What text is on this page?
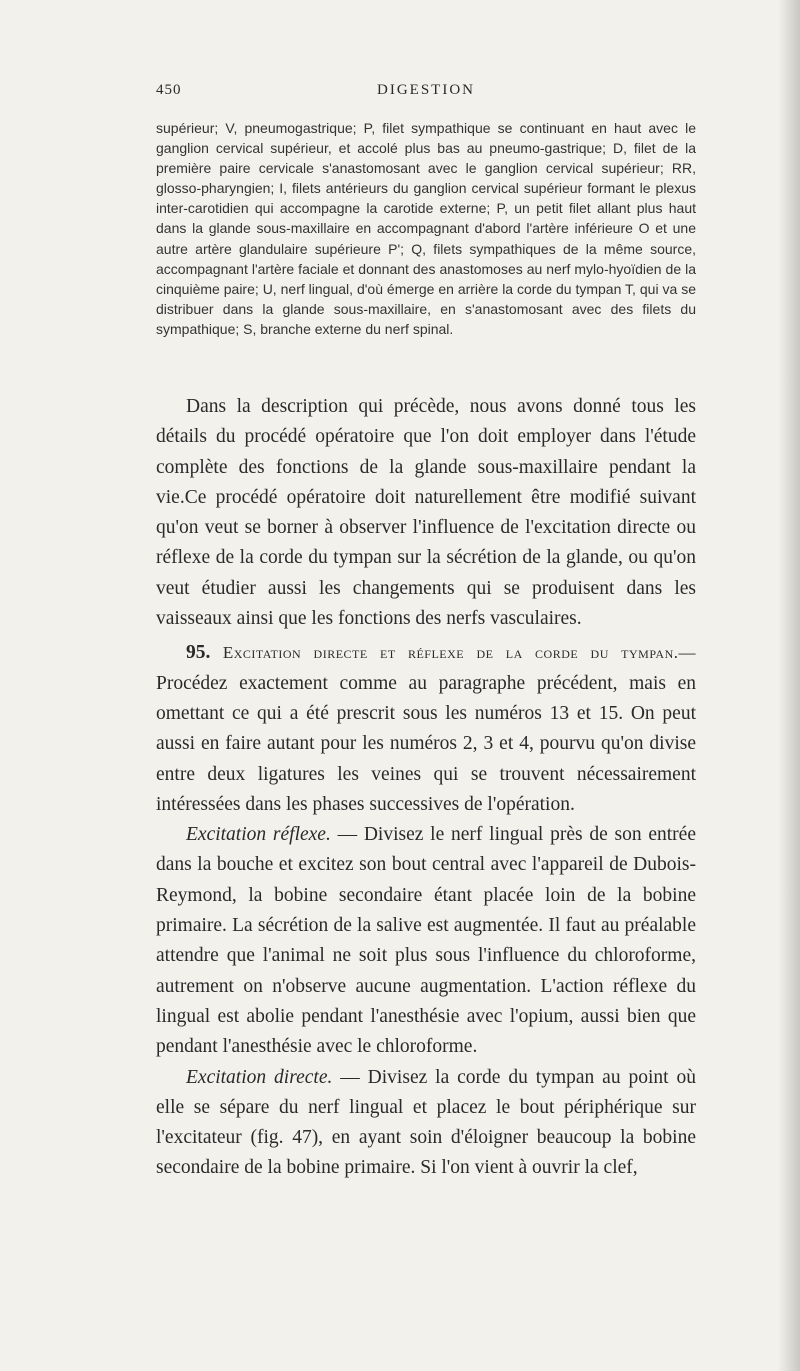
450	DIGESTION
supérieur; V, pneumogastrique; P, filet sympathique se continuant en haut avec le ganglion cervical supérieur, et accolé plus bas au pneumo-gastrique; D, filet de la première paire cervicale s'anastomosant avec le ganglion cervical supérieur; RR, glosso-pharyngien; I, filets antérieurs du ganglion cervical supérieur formant le plexus inter-carotidien qui accompagne la carotide externe; P, un petit filet allant plus haut dans la glande sous-maxillaire en accompagnant d'abord l'artère inférieure O et une autre artère glandulaire supérieure P'; Q, filets sympathiques de la même source, accompagnant l'artère faciale et donnant des anastomoses au nerf mylo-hyoïdien de la cinquième paire; U, nerf lingual, d'où émerge en arrière la corde du tympan T, qui va se distribuer dans la glande sous-maxillaire, en s'anastomosant avec des filets du sympathique; S, branche externe du nerf spinal.

Dans la description qui précède, nous avons donné tous les détails du procédé opératoire que l'on doit employer dans l'étude complète des fonctions de la glande sous-maxillaire pendant la vie.Ce procédé opératoire doit naturellement être modifié suivant qu'on veut se borner à observer l'influence de l'excitation directe ou réflexe de la corde du tympan sur la sécrétion de la glande, ou qu'on veut étudier aussi les changements qui se produisent dans les vaisseaux ainsi que les fonctions des nerfs vasculaires.

95. Excitation directe et réflexe de la corde du tympan.— Procédez exactement comme au paragraphe précédent, mais en omettant ce qui a été prescrit sous les numéros 13 et 15. On peut aussi en faire autant pour les numéros 2, 3 et 4, pourvu qu'on divise entre deux ligatures les veines qui se trouvent nécessairement intéressées dans les phases successives de l'opération.

Excitation réflexe. — Divisez le nerf lingual près de son entrée dans la bouche et excitez son bout central avec l'appareil de Dubois-Reymond, la bobine secondaire étant placée loin de la bobine primaire. La sécrétion de la salive est augmentée. Il faut au préalable attendre que l'animal ne soit plus sous l'influence du chloroforme, autrement on n'observe aucune augmentation. L'action réflexe du lingual est abolie pendant l'anesthésie avec l'opium, aussi bien que pendant l'anesthésie avec le chloroforme.

Excitation directe. — Divisez la corde du tympan au point où elle se sépare du nerf lingual et placez le bout périphérique sur l'excitateur (fig. 47), en ayant soin d'éloigner beaucoup la bobine secondaire de la bobine primaire. Si l'on vient à ouvrir la clef,
